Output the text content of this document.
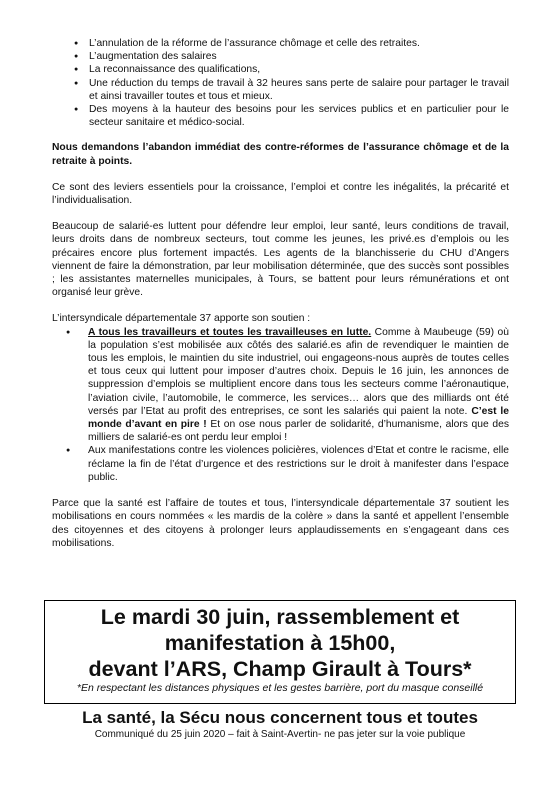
● L’annulation de la réforme de l’assurance chômage et celle des retraites.
● L’augmentation des salaires
● La reconnaissance des qualifications,
● Une réduction du temps de travail à 32 heures sans perte de salaire pour partager le travail et ainsi travailler toutes et tous et mieux.
● Des moyens à la hauteur des besoins pour les services publics et en particulier pour le secteur sanitaire et médico-social.

Nous demandons l’abandon immédiat des contre-réformes de l’assurance chômage et de la retraite à points.

Ce sont des leviers essentiels pour la croissance, l’emploi et contre les inégalités, la précarité et l’individualisation.

Beaucoup de salarié-es luttent pour défendre leur emploi, leur santé, leurs conditions de travail, leurs droits dans de nombreux secteurs, tout comme les jeunes, les privé.es d’emplois ou les précaires encore plus fortement impactés. Les agents de la blanchisserie du CHU d’Angers viennent de faire la démonstration, par leur mobilisation déterminée, que des succès sont possibles ; les assistantes maternelles municipales, à Tours, se battent pour leurs rémunérations et ont organisé leur grève.

L’intersyndicale départementale 37 apporte son soutien :

● A tous les travailleurs et toutes les travailleuses en lutte. Comme à Maubeuge (59) où la population s’est mobilisée aux côtés des salarié.es afin de revendiquer le maintien de tous les emplois, le maintien du site industriel, oui engageons-nous auprès de toutes celles et tous ceux qui luttent pour imposer d’autres choix. Depuis le 16 juin, les annonces de suppression d’emplois se multiplient encore dans tous les secteurs comme l’aéronautique, l’aviation civile, l’automobile, le commerce, les services… alors que des milliards ont été versés par l’Etat au profit des entreprises, ce sont les salariés qui paient la note. C’est le monde d’avant en pire ! Et on ose nous parler de solidarité, d’humanisme, alors que des milliers de salarié-es ont perdu leur emploi !
● Aux manifestations contre les violences policières, violences d’Etat et contre le racisme, elle réclame la fin de l’état d’urgence et des restrictions sur le droit à manifester dans l’espace public.

Parce que la santé est l’affaire de toutes et tous, l’intersyndicale départementale 37 soutient les mobilisations en cours nommées « les mardis de la colère » dans la santé et appellent l’ensemble des citoyennes et des citoyens à prolonger leurs applaudissements en s’engageant dans ces mobilisations.

Le mardi 30 juin, rassemblement et
manifestation à 15h00,
devant l’ARS, Champ Girault à Tours*
*En respectant les distances physiques et les gestes barrière, port du masque conseillé
La santé, la Sécu nous concernent tous et toutes
Communiqué du 25 juin 2020 – fait à Saint-Avertin- ne pas jeter sur la voie publique
